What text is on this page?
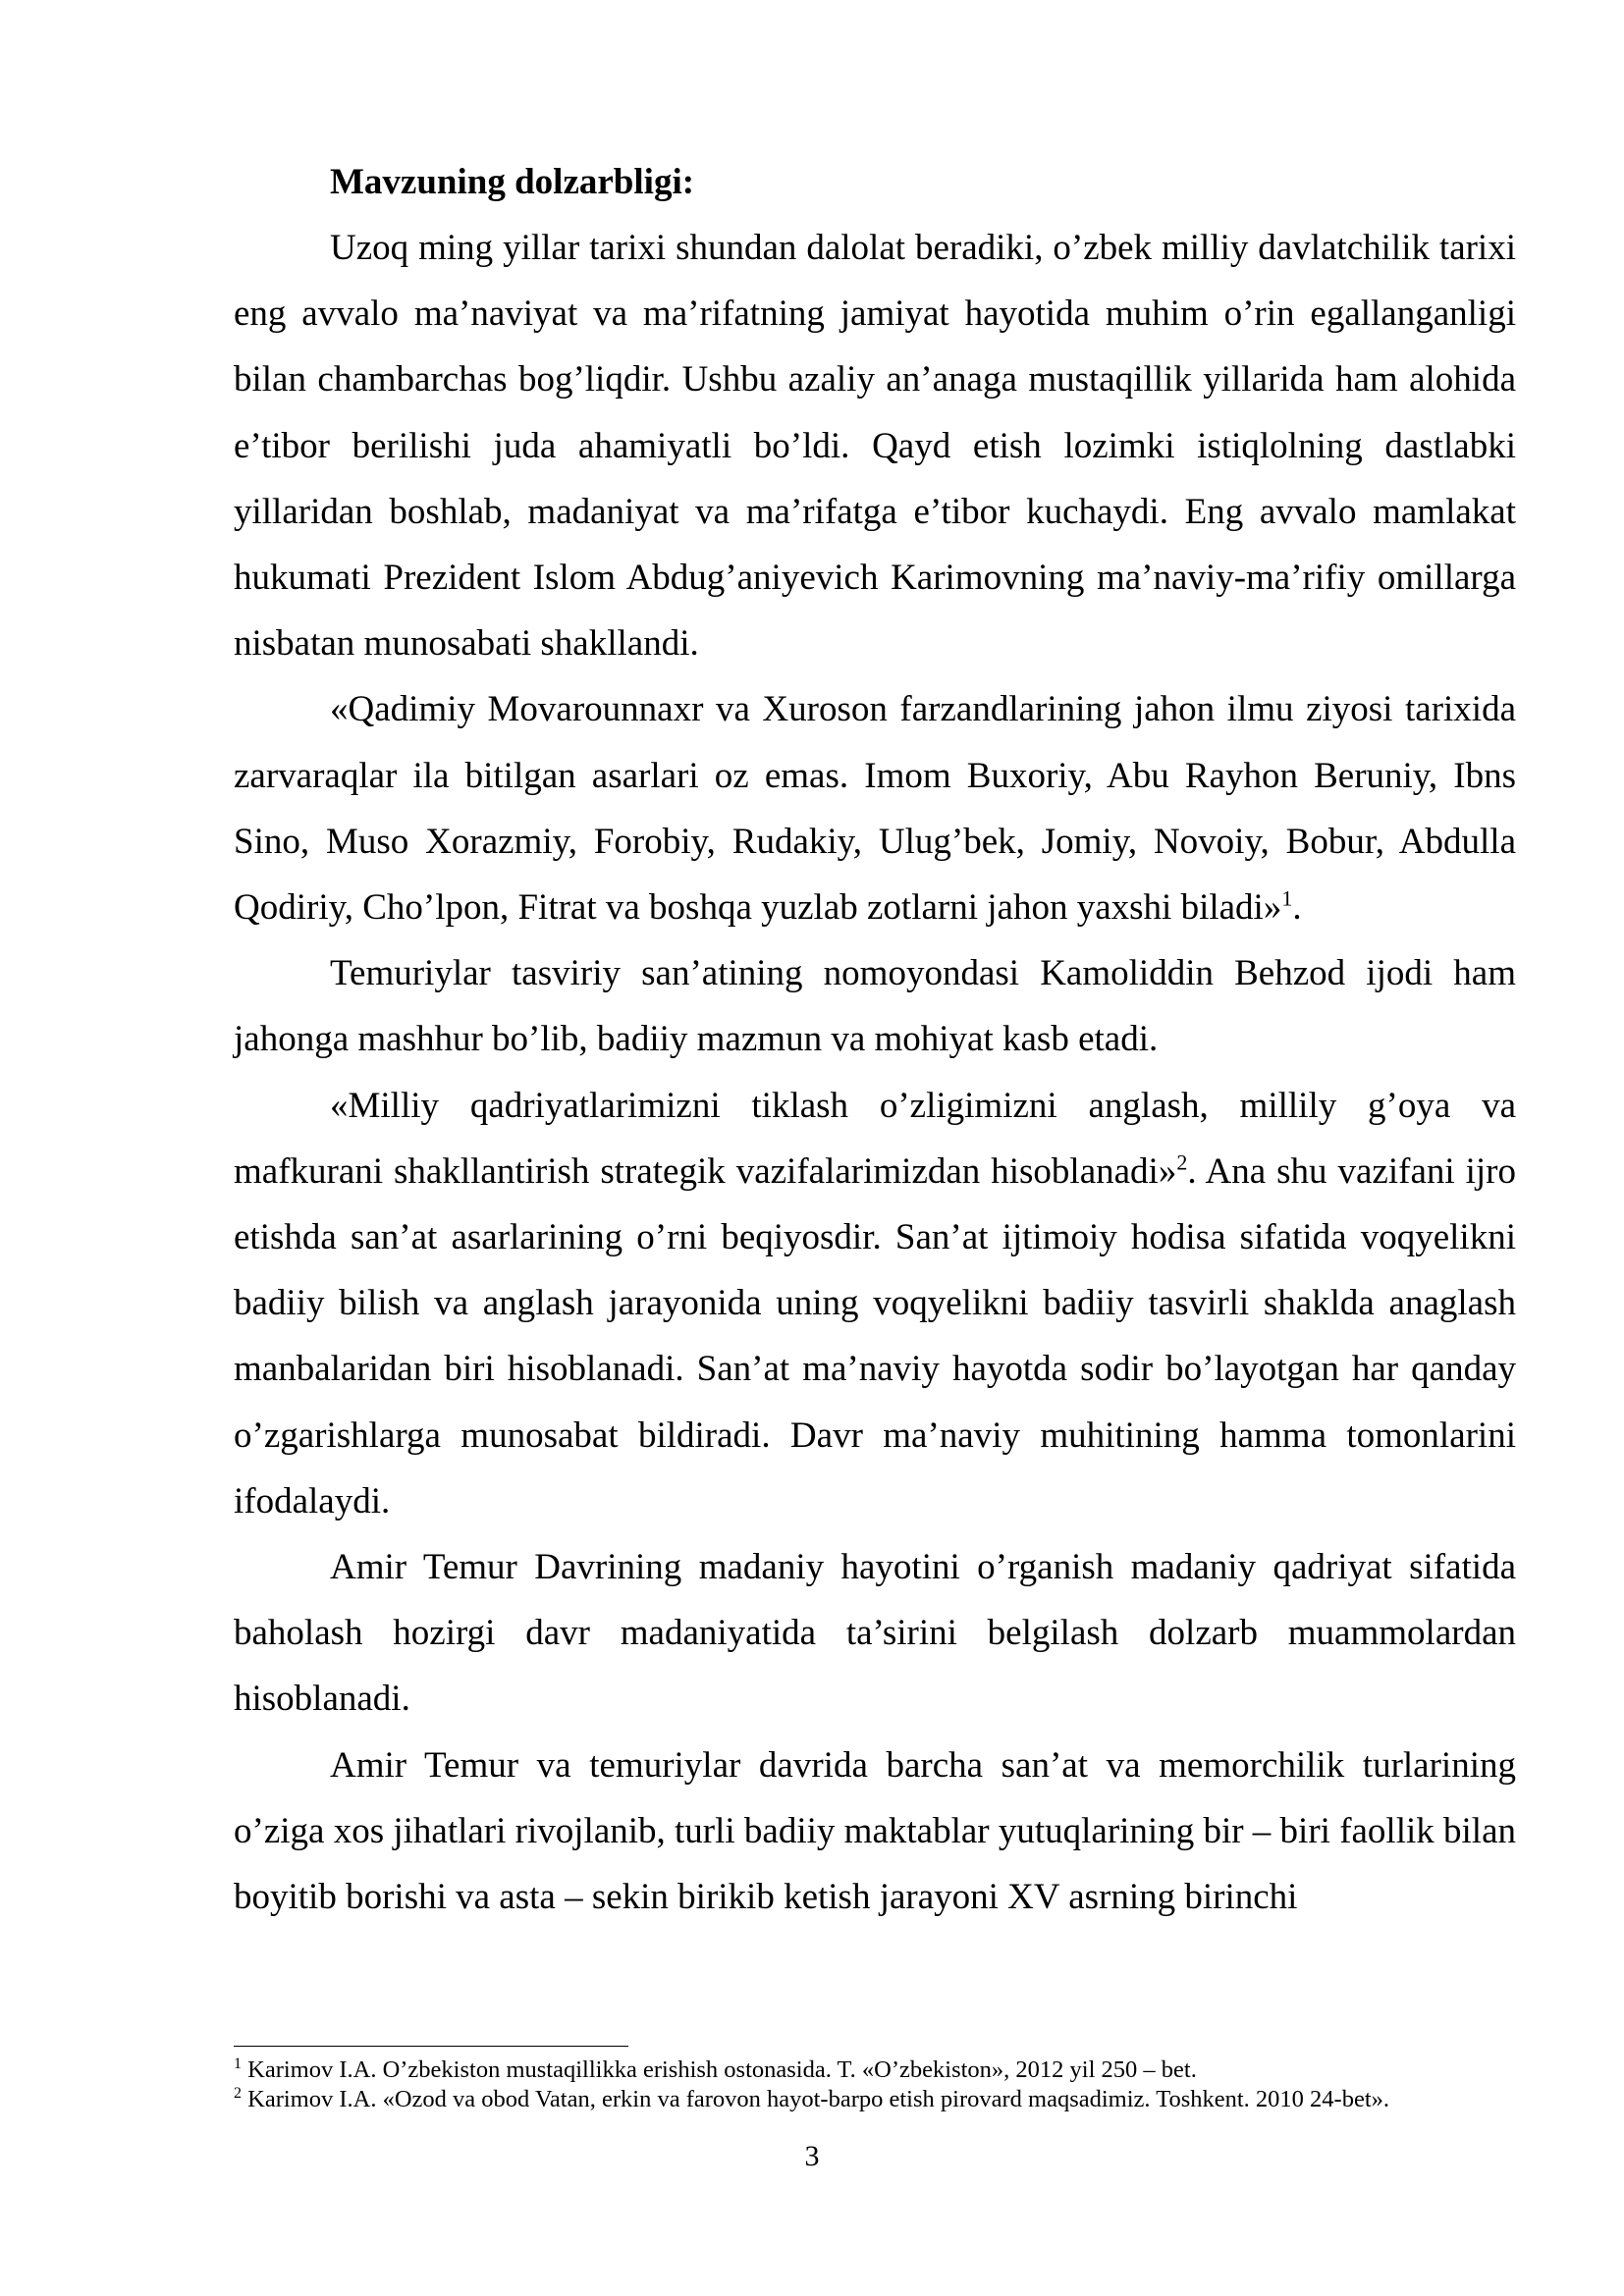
Mavzuning dolzarbligi:

Uzoq ming yillar tarixi shundan dalolat beradiki, o’zbek milliy davlatchilik tarixi eng avvalo ma’naviyat va ma’rifatning jamiyat hayotida muhim o’rin egallanganligi bilan chambarchas bog’liqdir. Ushbu azaliy an’anaga mustaqillik yillarida ham alohida e’tibor berilishi juda ahamiyatli bo’ldi. Qayd etish lozimki istiqlolning dastlabki yillaridan boshlab, madaniyat va ma’rifatga e’tibor kuchaydi. Eng avvalo mamlakat hukumati Prezident Islom Abdug’aniyevich Karimovning ma’naviy-ma’rifiy omillarga nisbatan munosabati shakllandi.

«Qadimiy Movarounnaxr va Xuroson farzandlarining jahon ilmu ziyosi tarixida zarvaraqlar ila bitilgan asarlari oz emas. Imom Buxoriy, Abu Rayhon Beruniy, Ibns Sino, Muso Xorazmiy, Forobiy, Rudakiy, Ulug’bek, Jomiy, Novoiy, Bobur, Abdulla Qodiriy, Cho’lpon, Fitrat va boshqa yuzlab zotlarni jahon yaxshi biladi»$^1$.

Temuriylar tasviriy san’atining nomoyondasi Kamoliddin Behzod ijodi ham jahonga mashhur bo’lib, badiiy mazmun va mohiyat kasb etadi.

«Milliy qadriyatlarimizni tiklash o’zligimizni anglash, millily g’oya va mafkurani shakllantirish strategik vazifalarimizdan hisoblanadi»$^2$. Ana shu vazifani ijro etishda san’at asarlarining o’rni beqiyosdir. San’at ijtimoiy hodisa sifatida voqyelikni badiiy bilish va anglash jarayonida uning voqyelikni badiiy tasvirli shaklda anaglash manbalaridan biri hisoblanadi. San’at ma’naviy hayotda sodir bo’layotgan har qanday o’zgarishlarga munosabat bildiradi. Davr ma’naviy muhitining hamma tomonlarini ifodalaydi.

Amir Temur Davrining madaniy hayotini o’rganish madaniy qadriyat sifatida baholash hozirgi davr madaniyatida ta’sirini belgilash dolzarb muammolardan hisoblanadi.

Amir Temur va temuriylar davrida barcha san’at va memorchilik turlarining o’ziga xos jihatlari rivojlanib, turli badiiy maktablar yutuqlarining bir – biri faollik bilan boyitib borishi va asta – sekin birikib ketish jarayoni XV asrning birinchi

$^1$ Karimov I.A. O’zbekiston mustaqillikka erishish ostonasida. T. «O’zbekiston», 2012 yil 250 – bet.

$^2$ Karimov I.A. «Ozod va obod Vatan, erkin va farovon hayot-barpo etish pirovard maqsadimiz. Toshkent. 2010 24-bet».

3
